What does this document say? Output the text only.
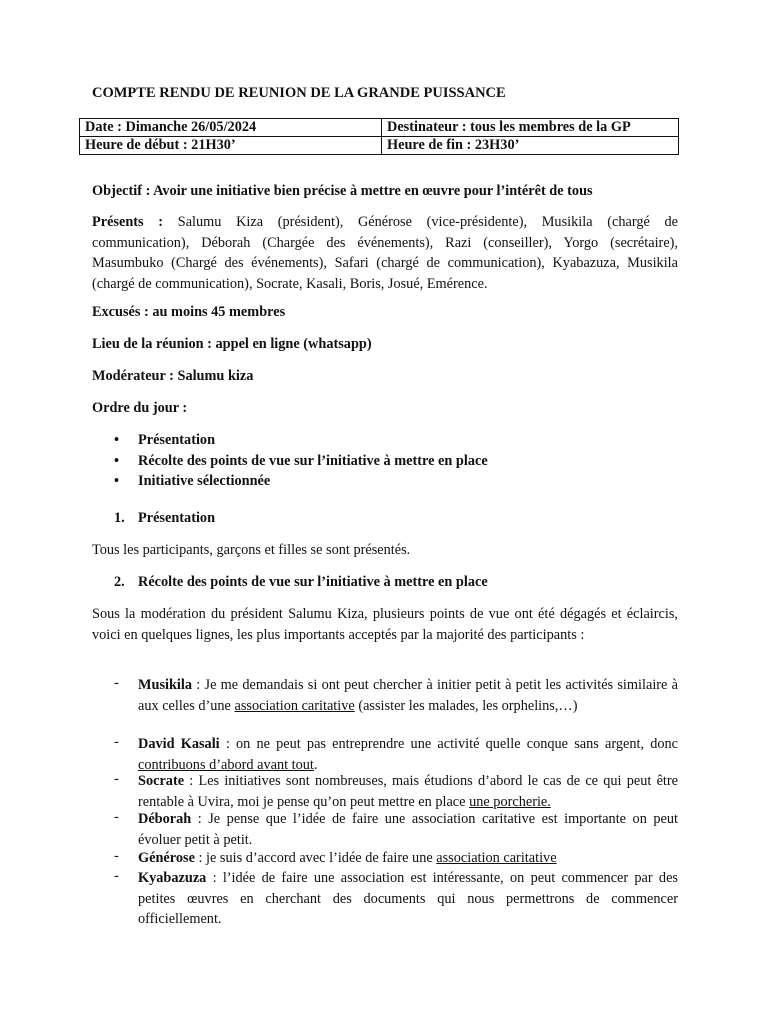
COMPTE RENDU DE REUNION DE LA GRANDE PUISSANCE
Date : Dimanche 26/05/2024	Destinateur : tous les membres de la GP
Heure de début : 21H30’	Heure de fin : 23H30’
Objectif : Avoir une initiative bien précise à mettre en œuvre pour l’intérêt de tous
Présents : Salumu Kiza (président), Générose (vice-présidente), Musikila (chargé de communication), Déborah (Chargée des événements), Razi (conseiller), Yorgo (secrétaire), Masumbuko (Chargé des événements), Safari (chargé de communication), Kyabazuza, Musikila (chargé de communication), Socrate, Kasali, Boris, Josué, Emérence.
Excusés : au moins 45 membres
Lieu de la réunion : appel en ligne (whatsapp)
Modérateur : Salumu kiza
Ordre du jour :
• Présentation
• Récolte des points de vue sur l’initiative à mettre en place
• Initiative sélectionnée
1. Présentation
Tous les participants, garçons et filles se sont présentés.
2. Récolte des points de vue sur l’initiative à mettre en place
Sous la modération du président Salumu Kiza, plusieurs points de vue ont été dégagés et éclaircis, voici en quelques lignes, les plus importants acceptés par la majorité des participants :
- Musikila : Je me demandais si ont peut chercher à initier petit à petit les activités similaire à aux celles d’une association caritative (assister les malades, les orphelins,…)
- David Kasali : on ne peut pas entreprendre une activité quelle conque sans argent, donc contribuons d’abord avant tout.
- Socrate : Les initiatives sont nombreuses, mais étudions d’abord le cas de ce qui peut être rentable à Uvira, moi je pense qu’on peut mettre en place une porcherie.
- Déborah : Je pense que l’idée de faire une association caritative est importante on peut évoluer petit à petit.
- Générose : je suis d’accord avec l’idée de faire une association caritative
- Kyabazuza : l’idée de faire une association est intéressante, on peut commencer par des petites œuvres en cherchant des documents qui nous permettrons de commencer officiellement.
